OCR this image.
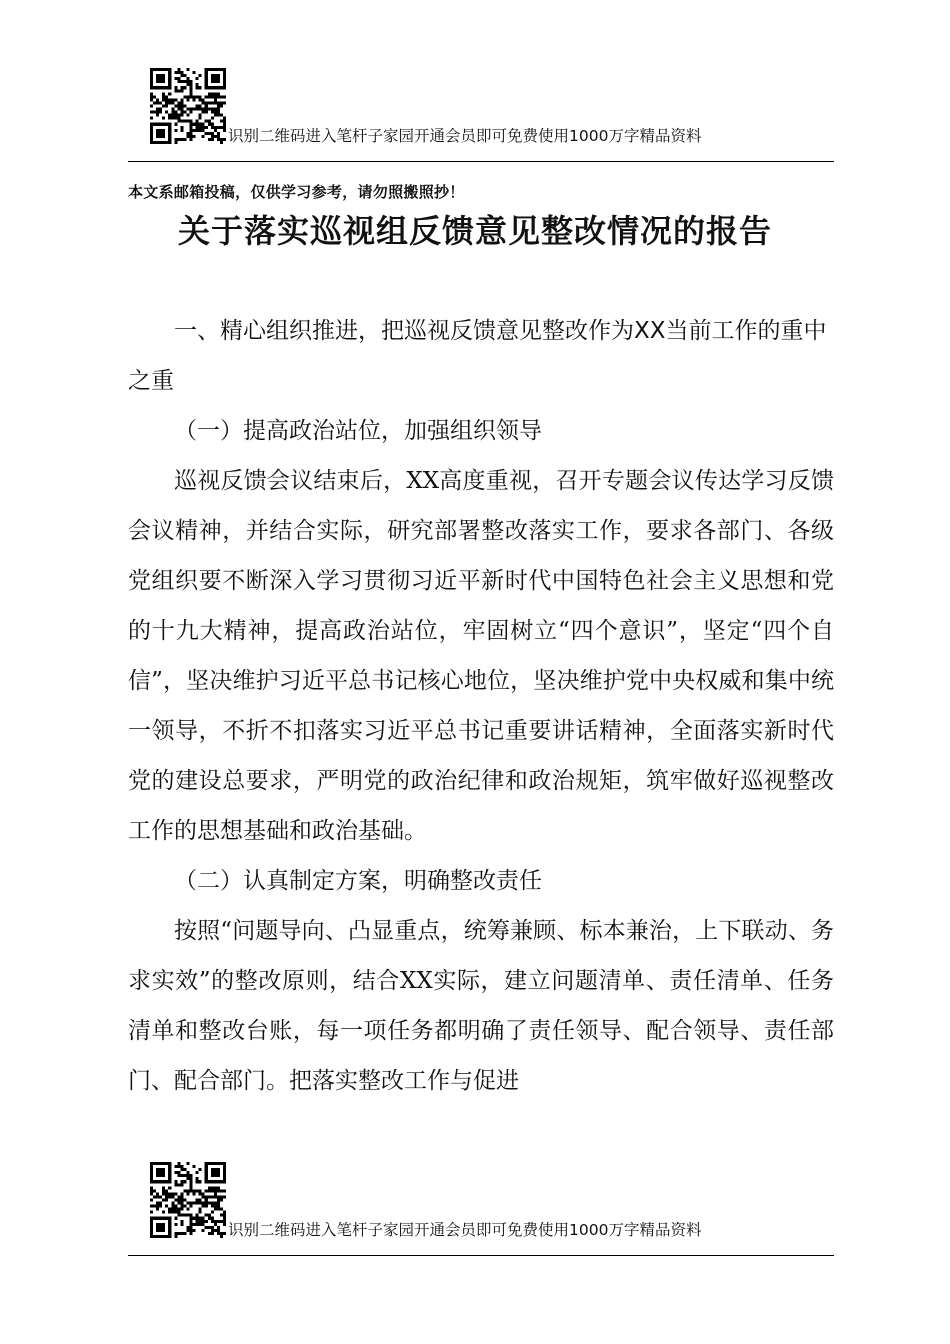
识别二维码进入笔杆子家园开通会员即可免费使用1000万字精品资料
本文系邮箱投稿，仅供学习参考，请勿照搬照抄！
关于落实巡视组反馈意见整改情况的报告

一、精心组织推进，把巡视反馈意见整改作为XX当前工作的重中之重

（一）提高政治站位，加强组织领导

巡视反馈会议结束后，XX高度重视，召开专题会议传达学习反馈会议精神，并结合实际，研究部署整改落实工作，要求各部门、各级党组织要不断深入学习贯彻习近平新时代中国特色社会主义思想和党的十九大精神，提高政治站位，牢固树立“四个意识”，坚定“四个自信”，坚决维护习近平总书记核心地位，坚决维护党中央权威和集中统一领导，不折不扣落实习近平总书记重要讲话精神，全面落实新时代党的建设总要求，严明党的政治纪律和政治规矩，筑牢做好巡视整改工作的思想基础和政治基础。

（二）认真制定方案，明确整改责任

按照“问题导向、凸显重点，统筹兼顾、标本兼治，上下联动、务求实效”的整改原则，结合XX实际，建立问题清单、责任清单、任务清单和整改台账，每一项任务都明确了责任领导、配合领导、责任部门、配合部门。把落实整改工作与促进

识别二维码进入笔杆子家园开通会员即可免费使用1000万字精品资料
